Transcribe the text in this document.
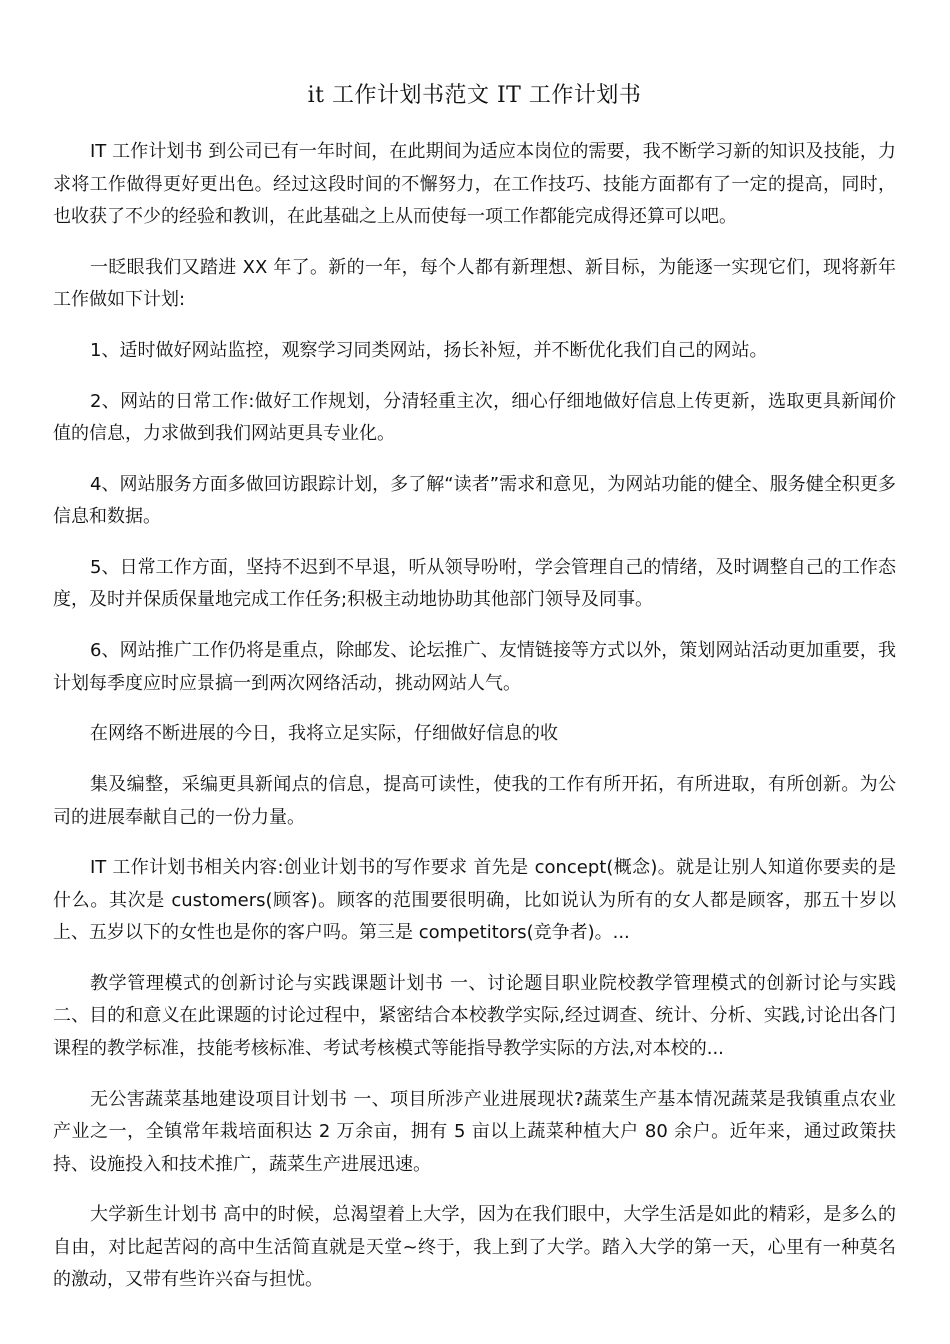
it 工作计划书范文 IT 工作计划书

IT 工作计划书 到公司已有一年时间，在此期间为适应本岗位的需要，我不断学习新的知识及技能，力求将工作做得更好更出色。经过这段时间的不懈努力，在工作技巧、技能方面都有了一定的提高，同时，也收获了不少的经验和教训，在此基础之上从而使每一项工作都能完成得还算可以吧。

一眨眼我们又踏进 XX 年了。新的一年，每个人都有新理想、新目标，为能逐一实现它们，现将新年工作做如下计划:

1、适时做好网站监控，观察学习同类网站，扬长补短，并不断优化我们自己的网站。

2、网站的日常工作:做好工作规划，分清轻重主次，细心仔细地做好信息上传更新，选取更具新闻价值的信息，力求做到我们网站更具专业化。

4、网站服务方面多做回访跟踪计划，多了解“读者”需求和意见，为网站功能的健全、服务健全积更多信息和数据。

5、日常工作方面，坚持不迟到不早退，听从领导吩咐，学会管理自己的情绪，及时调整自己的工作态度，及时并保质保量地完成工作任务;积极主动地协助其他部门领导及同事。

6、网站推广工作仍将是重点，除邮发、论坛推广、友情链接等方式以外，策划网站活动更加重要，我计划每季度应时应景搞一到两次网络活动，挑动网站人气。

在网络不断进展的今日，我将立足实际，仔细做好信息的收

集及编整，采编更具新闻点的信息，提高可读性，使我的工作有所开拓，有所进取，有所创新。为公司的进展奉献自己的一份力量。

IT 工作计划书相关内容:创业计划书的写作要求 首先是 concept(概念)。就是让别人知道你要卖的是什么。其次是 customers(顾客)。顾客的范围要很明确，比如说认为所有的女人都是顾客，那五十岁以上、五岁以下的女性也是你的客户吗。第三是 competitors(竞争者)。...

教学管理模式的创新讨论与实践课题计划书 一、讨论题目职业院校教学管理模式的创新讨论与实践二、目的和意义在此课题的讨论过程中，紧密结合本校教学实际,经过调查、统计、分析、实践,讨论出各门课程的教学标准，技能考核标准、考试考核模式等能指导教学实际的方法,对本校的...

无公害蔬菜基地建设项目计划书 一、项目所涉产业进展现状?蔬菜生产基本情况蔬菜是我镇重点农业产业之一，全镇常年栽培面积达 2 万余亩，拥有 5 亩以上蔬菜种植大户 80 余户。近年来，通过政策扶持、设施投入和技术推广，蔬菜生产进展迅速。

大学新生计划书 高中的时候，总渴望着上大学，因为在我们眼中，大学生活是如此的精彩，是多么的自由，对比起苦闷的高中生活简直就是天堂~终于，我上到了大学。踏入大学的第一天，心里有一种莫名的激动，又带有些许兴奋与担忧。
